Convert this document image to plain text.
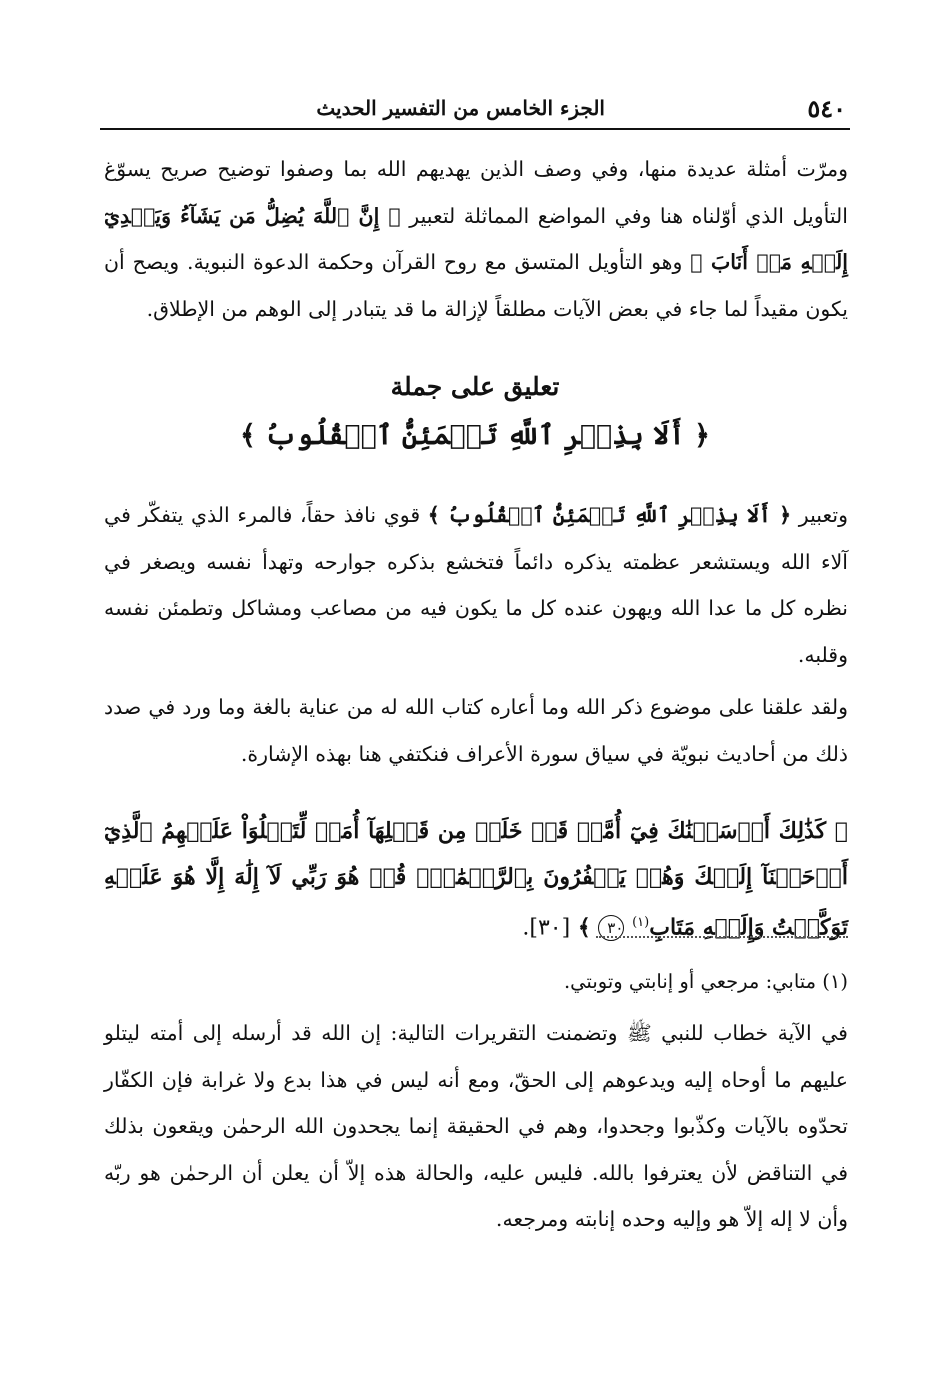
٥٤٠
الجزء الخامس من التفسير الحديث

ومرّت أمثلة عديدة منها، وفي وصف الذين يهديهم الله بما وصفوا توضيح صريح يسوّغ التأويل الذي أوّلناه هنا وفي المواضع المماثلة لتعبير ﴿ إِنَّ ٱللَّهَ يُضِلُّ مَن يَشَآءُ وَيَهۡدِيٓ إِلَيۡهِ مَنۡ أَنَابَ ﴾ وهو التأويل المتسق مع روح القرآن وحكمة الدعوة النبوية. ويصح أن يكون مقيداً لما جاء في بعض الآيات مطلقاً لإزالة ما قد يتبادر إلى الوهم من الإطلاق.

تعليق على جملة
﴿ أَلَا بِذِكۡرِ ٱللَّهِ تَطۡمَئِنُّ ٱلۡقُلُوبُ ﴾

وتعبير ﴿ أَلَا بِذِكۡرِ ٱللَّهِ تَطۡمَئِنُّ ٱلۡقُلُوبُ ﴾ قوي نافذ حقاً، فالمرء الذي يتفكّر في آلاء الله ويستشعر عظمته يذكره دائماً فتخشع بذكره جوارحه وتهدأ نفسه ويصغر في نظره كل ما عدا الله ويهون عنده كل ما يكون فيه من مصاعب ومشاكل وتطمئن نفسه وقلبه.

ولقد علقنا على موضوع ذكر الله وما أعاره كتاب الله له من عناية بالغة وما ورد في صدد ذلك من أحاديث نبويّة في سياق سورة الأعراف فنكتفي هنا بهذه الإشارة.

﴿ كَذَٰلِكَ أَرۡسَلۡنَٰكَ فِيٓ أُمَّةٖ قَدۡ خَلَتۡ مِن قَبۡلِهَآ أُمَمٞ لِّتَتۡلُوَاْ عَلَيۡهِمُ ٱلَّذِيٓ أَوۡحَيۡنَآ إِلَيۡكَ وَهُمۡ يَكۡفُرُونَ بِٱلرَّحۡمَٰنِۚ قُلۡ هُوَ رَبِّي لَآ إِلَٰهَ إِلَّا هُوَ عَلَيۡهِ تَوَكَّلۡتُ وَإِلَيۡهِ مَتَابِ$^{(١)}$ ٣٠ ﴾ [٣٠].

(١) متابي: مرجعي أو إنابتي وتوبتي.

في الآية خطاب للنبي ﷺ وتضمنت التقريرات التالية: إن الله قد أرسله إلى أمته ليتلو عليهم ما أوحاه إليه ويدعوهم إلى الحقّ، ومع أنه ليس في هذا بدع ولا غرابة فإن الكفّار تحدّوه بالآيات وكذّبوا وجحدوا، وهم في الحقيقة إنما يجحدون الله الرحمٰن ويقعون بذلك في التناقض لأن يعترفوا بالله. فليس عليه، والحالة هذه إلاّ أن يعلن أن الرحمٰن هو ربّه وأن لا إله إلاّ هو وإليه وحده إنابته ومرجعه.
